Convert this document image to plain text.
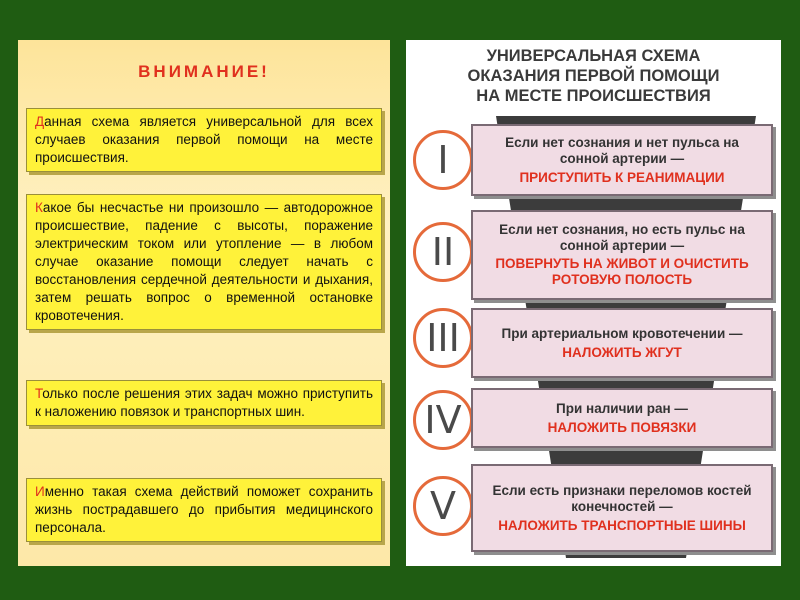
ВНИМАНИЕ!
Данная схема является универсальной для всех случаев оказания первой помощи на месте происшествия.
Какое бы несчастье ни произошло — автодорожное происшествие, падение с высоты, поражение электрическим током или утопление — в любом случае оказание помощи следует начать с восстановления сердечной деятельности и дыхания, затем решать вопрос о временной остановке кровотечения.
Только после решения этих задач можно приступить к наложению повязок и транспортных шин.
Именно такая схема действий поможет сохранить жизнь пострадавшего до прибытия медицинского персонала.
УНИВЕРСАЛЬНАЯ СХЕМА
ОКАЗАНИЯ ПЕРВОЙ ПОМОЩИ
НА МЕСТЕ ПРОИСШЕСТВИЯ
I	Если нет сознания и нет пульса на сонной артерии —
ПРИСТУПИТЬ К РЕАНИМАЦИИ
II
Если нет сознания, но есть пульс на сонной артерии —
ПОВЕРНУТЬ НА ЖИВОТ И ОЧИСТИТЬ РОТОВУЮ ПОЛОСТЬ
III	При артериальном кровотечении —
НАЛОЖИТЬ ЖГУТ
IV	При наличии ран —
НАЛОЖИТЬ ПОВЯЗКИ
V	Если есть признаки переломов костей конечностей —
НАЛОЖИТЬ ТРАНСПОРТНЫЕ ШИНЫ
